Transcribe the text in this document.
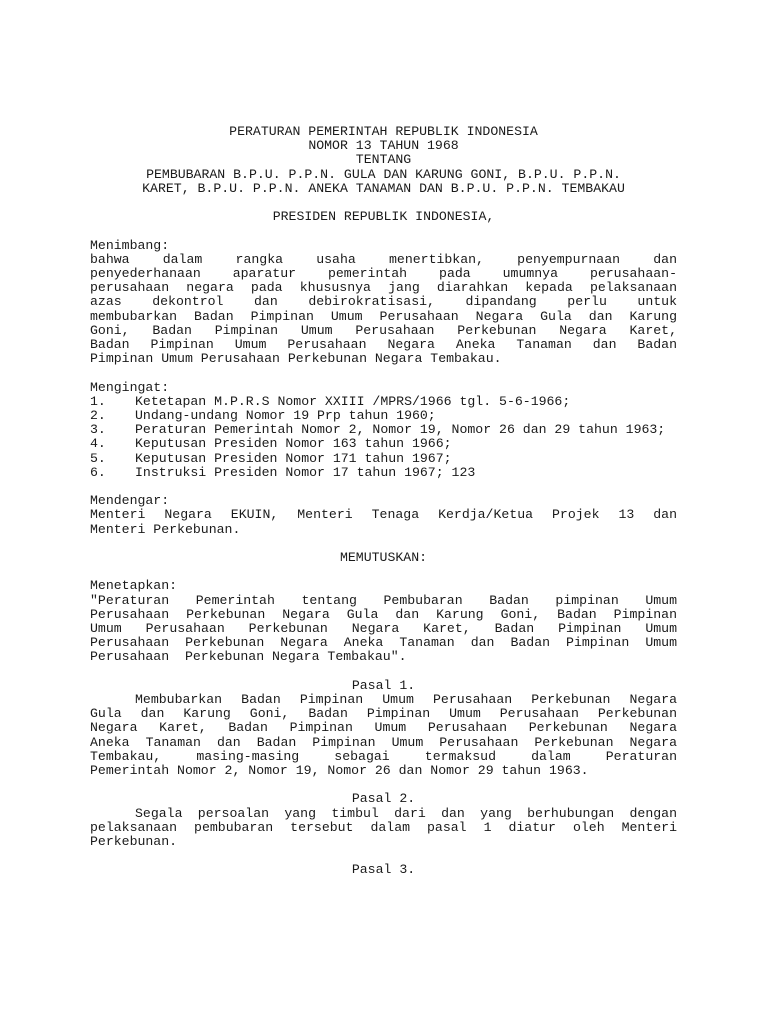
PERATURAN PEMERINTAH REPUBLIK INDONESIA
NOMOR 13 TAHUN 1968
TENTANG
PEMBUBARAN B.P.U. P.P.N. GULA DAN KARUNG GONI, B.P.U. P.P.N.
KARET, B.P.U. P.P.N. ANEKA TANAMAN DAN B.P.U. P.P.N. TEMBAKAU
PRESIDEN REPUBLIK INDONESIA,
Menimbang:
bahwa dalam rangka usaha menertibkan, penyempurnaan dan
penyederhanaan aparatur pemerintah pada umumnya perusahaan-
perusahaan negara pada khususnya jang diarahkan kepada pelaksanaan
azas dekontrol dan debirokratisasi, dipandang perlu untuk
membubarkan Badan Pimpinan Umum Perusahaan Negara Gula dan Karung
Goni, Badan Pimpinan Umum Perusahaan Perkebunan Negara Karet,
Badan Pimpinan Umum Perusahaan Negara Aneka Tanaman dan Badan
Pimpinan Umum Perusahaan Perkebunan Negara Tembakau.
Mengingat:
1.	Ketetapan M.P.R.S Nomor XXIII /MPRS/1966 tgl. 5-6-1966;
2.	Undang-undang Nomor 19 Prp tahun 1960;
3.	Peraturan Pemerintah Nomor 2, Nomor 19, Nomor 26 dan 29 tahun 1963;
4.	Keputusan Presiden Nomor 163 tahun 1966;
5.	Keputusan Presiden Nomor 171 tahun 1967;
6.	Instruksi Presiden Nomor 17 tahun 1967; 123
Mendengar:
Menteri Negara EKUIN, Menteri Tenaga Kerdja/Ketua Projek 13 dan
Menteri Perkebunan.
MEMUTUSKAN:
Menetapkan:
"Peraturan Pemerintah tentang Pembubaran Badan pimpinan Umum
Perusahaan Perkebunan Negara Gula dan Karung Goni, Badan Pimpinan
Umum Perusahaan Perkebunan Negara Karet, Badan Pimpinan Umum
Perusahaan Perkebunan Negara Aneka Tanaman dan Badan Pimpinan Umum
Perusahaan  Perkebunan Negara Tembakau".
Pasal 1.
Membubarkan Badan Pimpinan Umum Perusahaan Perkebunan Negara
Gula dan Karung Goni, Badan Pimpinan Umum Perusahaan Perkebunan
Negara Karet, Badan Pimpinan Umum Perusahaan Perkebunan Negara
Aneka Tanaman dan Badan Pimpinan Umum Perusahaan Perkebunan Negara
Tembakau, masing-masing sebagai termaksud dalam Peraturan
Pemerintah Nomor 2, Nomor 19, Nomor 26 dan Nomor 29 tahun 1963.
Pasal 2.
Segala persoalan yang timbul dari dan yang berhubungan dengan
pelaksanaan pembubaran tersebut dalam pasal 1 diatur oleh Menteri
Perkebunan.
Pasal 3.
